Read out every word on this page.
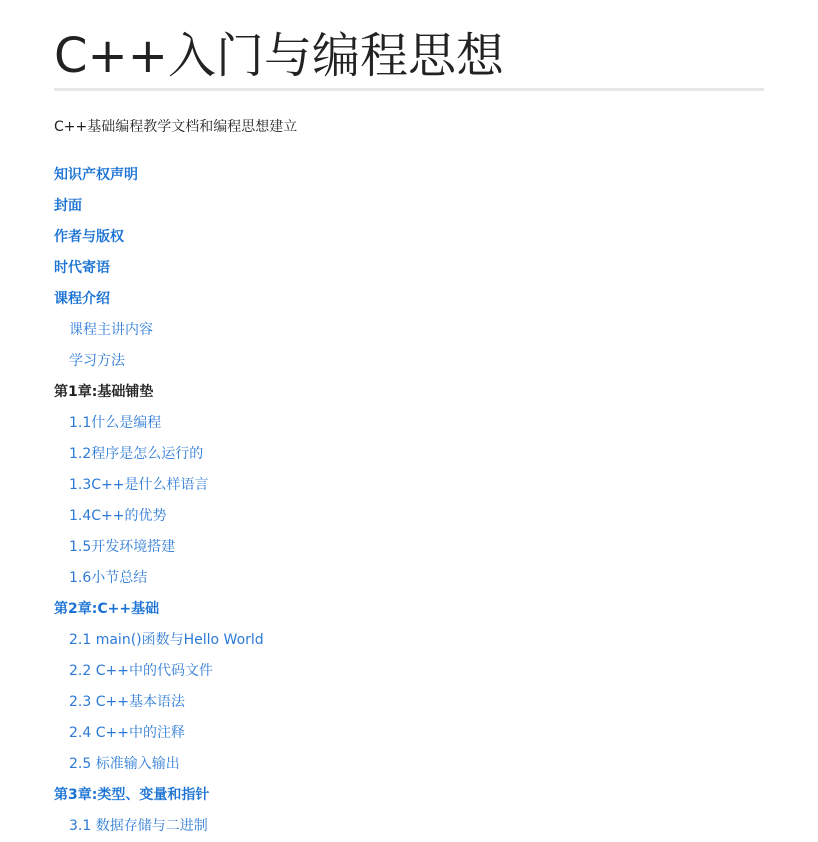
C++入门与编程思想
C++基础编程教学文档和编程思想建立
知识产权声明
封面
作者与版权
时代寄语
课程介绍
课程主讲内容
学习方法
第1章:基础铺垫
1.1什么是编程
1.2程序是怎么运行的
1.3C++是什么样语言
1.4C++的优势
1.5开发环境搭建
1.6小节总结
第2章:C++基础
2.1 main()函数与Hello World
2.2 C++中的代码文件
2.3 C++基本语法
2.4 C++中的注释
2.5 标准输入输出
第3章:类型、变量和指针
3.1 数据存储与二进制
